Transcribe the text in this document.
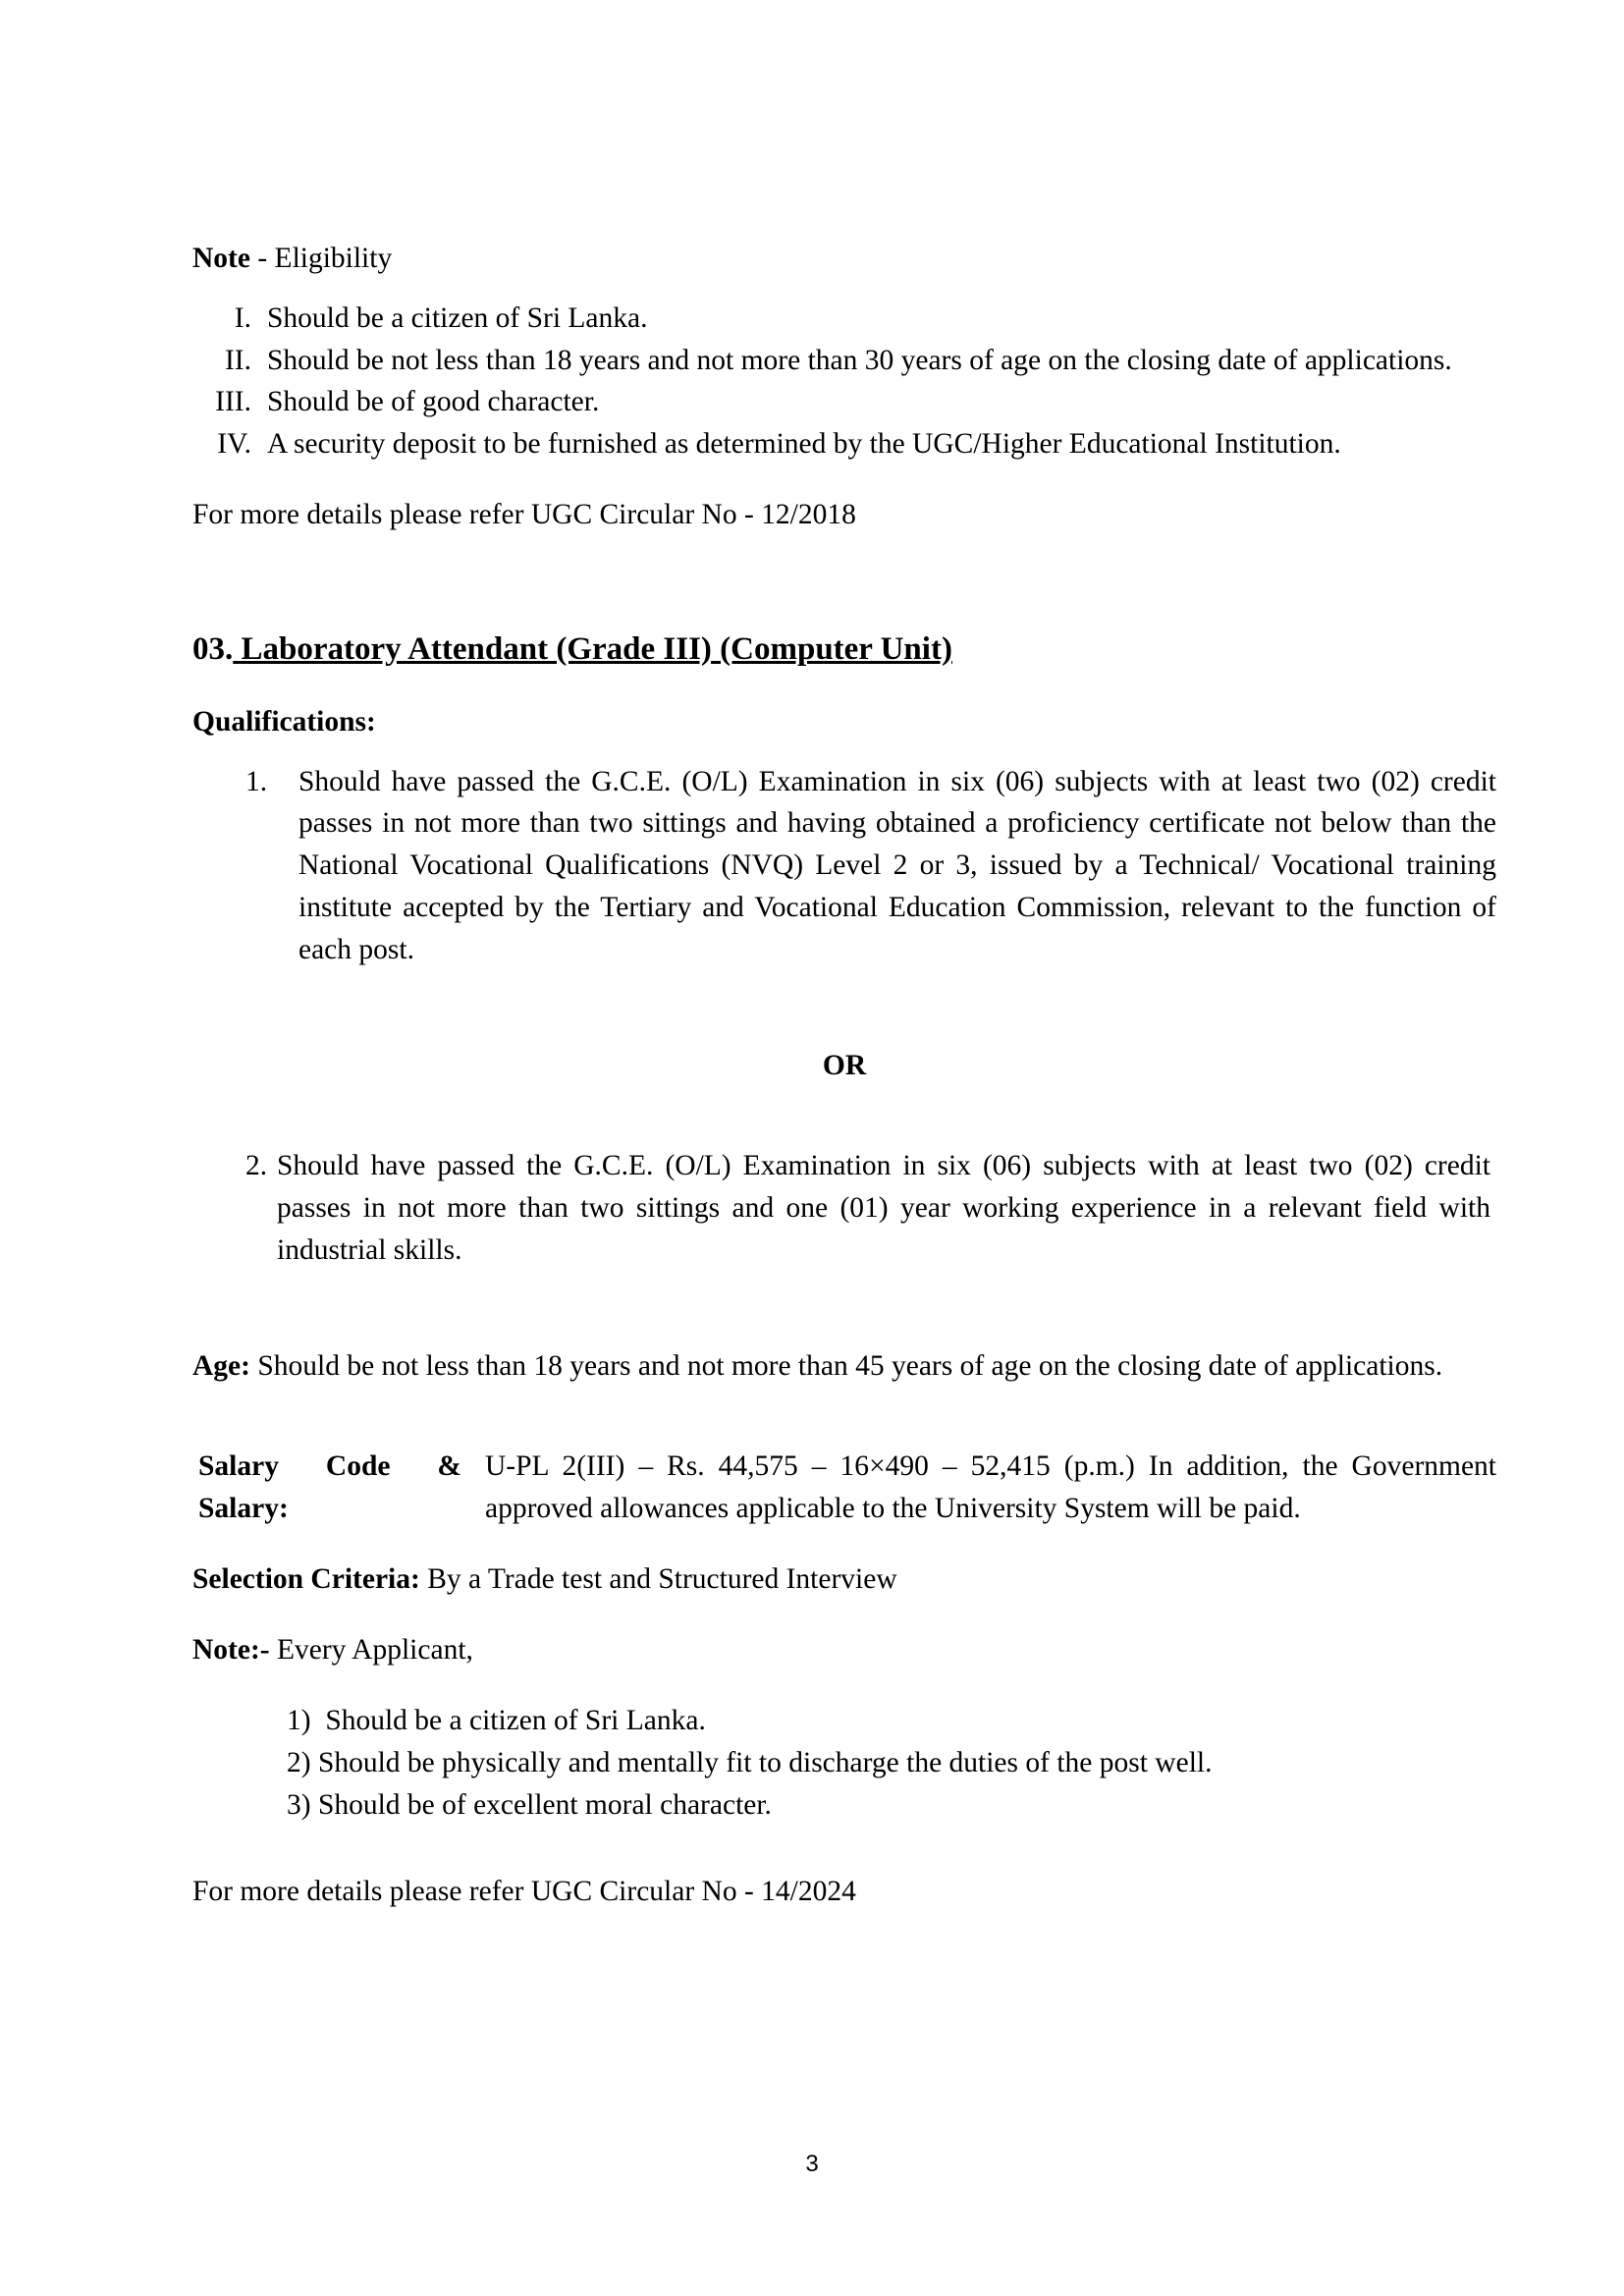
Note - Eligibility

I. Should be a citizen of Sri Lanka.
II. Should be not less than 18 years and not more than 30 years of age on the closing date of applications.
III. Should be of good character.
IV. A security deposit to be furnished as determined by the UGC/Higher Educational Institution.

For more details please refer UGC Circular No - 12/2018

03. Laboratory Attendant (Grade III) (Computer Unit)

Qualifications:

1.	Should have passed the G.C.E. (O/L) Examination in six (06) subjects with at least two (02) credit passes in not more than two sittings and having obtained a proficiency certificate not below than the National Vocational Qualifications (NVQ) Level 2 or 3, issued by a Technical/ Vocational training institute accepted by the Tertiary and Vocational Education Commission, relevant to the function of each post.

OR

2. Should have passed the G.C.E. (O/L) Examination in six (06) subjects with at least two (02) credit passes in not more than two sittings and one (01) year working experience in a relevant field with industrial skills.

Age: Should be not less than 18 years and not more than 45 years of age on the closing date of applications.

Salary Code & Salary:
U-PL 2(III) – Rs. 44,575 – 16×490 – 52,415 (p.m.) In addition, the Government approved allowances applicable to the University System will be paid.

Selection Criteria: By a Trade test and Structured Interview

Note:- Every Applicant,

1)  Should be a citizen of Sri Lanka.
2) Should be physically and mentally fit to discharge the duties of the post well.
3) Should be of excellent moral character.

For more details please refer UGC Circular No - 14/2024

3
